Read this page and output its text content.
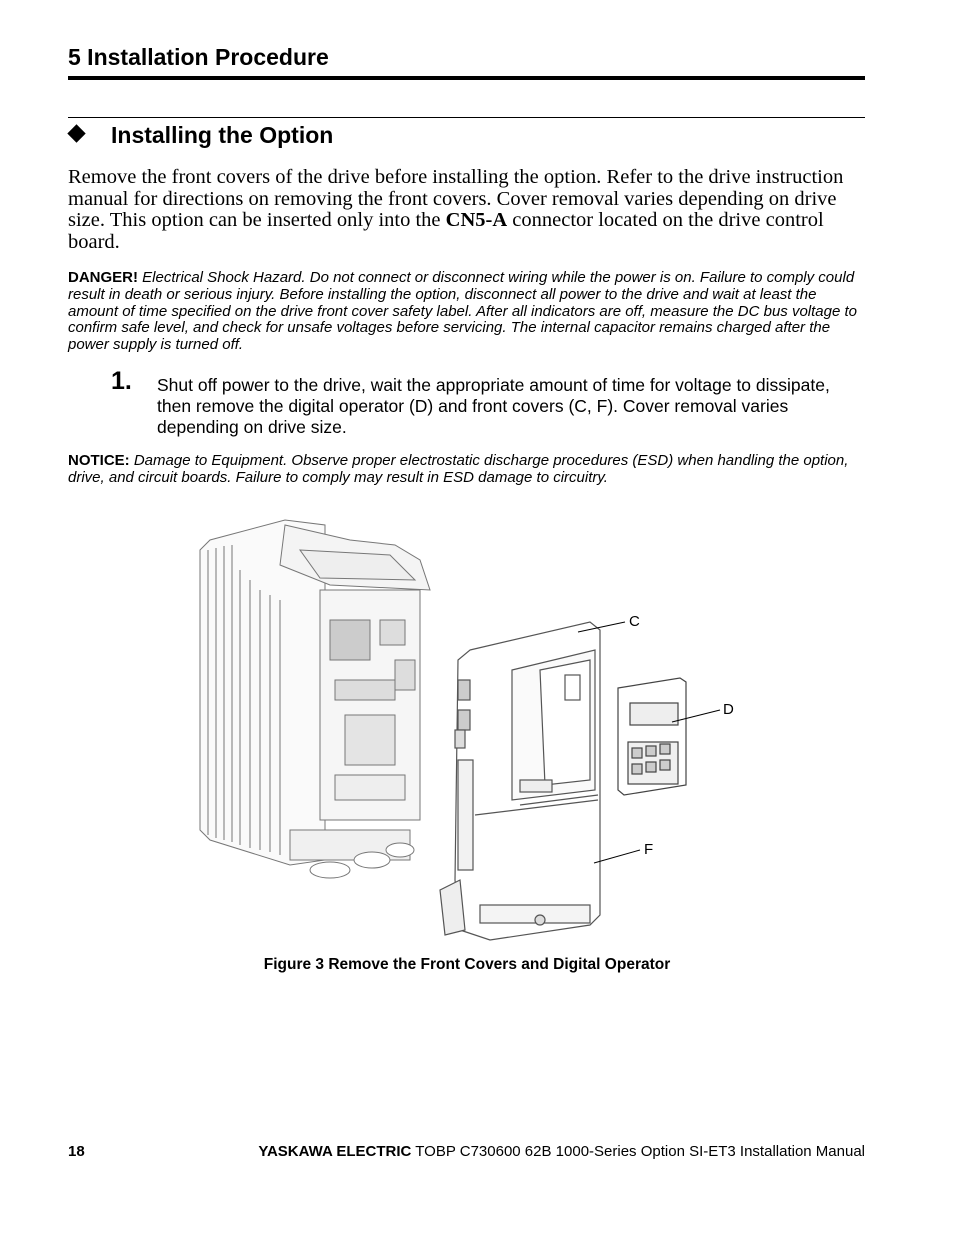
5 Installation Procedure
Installing the Option
Remove the front covers of the drive before installing the option. Refer to the drive instruction manual for directions on removing the front covers. Cover removal varies depending on drive size. This option can be inserted only into the CN5-A connector located on the drive control board.
DANGER! Electrical Shock Hazard. Do not connect or disconnect wiring while the power is on. Failure to comply could result in death or serious injury. Before installing the option, disconnect all power to the drive and wait at least the amount of time specified on the drive front cover safety label. After all indicators are off, measure the DC bus voltage to confirm safe level, and check for unsafe voltages before servicing. The internal capacitor remains charged after the power supply is turned off.
1. Shut off power to the drive, wait the appropriate amount of time for voltage to dissipate, then remove the digital operator (D) and front covers (C, F). Cover removal varies depending on drive size.
NOTICE: Damage to Equipment. Observe proper electrostatic discharge procedures (ESD) when handling the option, drive, and circuit boards. Failure to comply may result in ESD damage to circuitry.
C
D
F
Figure 3 Remove the Front Covers and Digital Operator
18	YASKAWA ELECTRIC TOBP C730600 62B 1000-Series Option SI-ET3 Installation Manual
